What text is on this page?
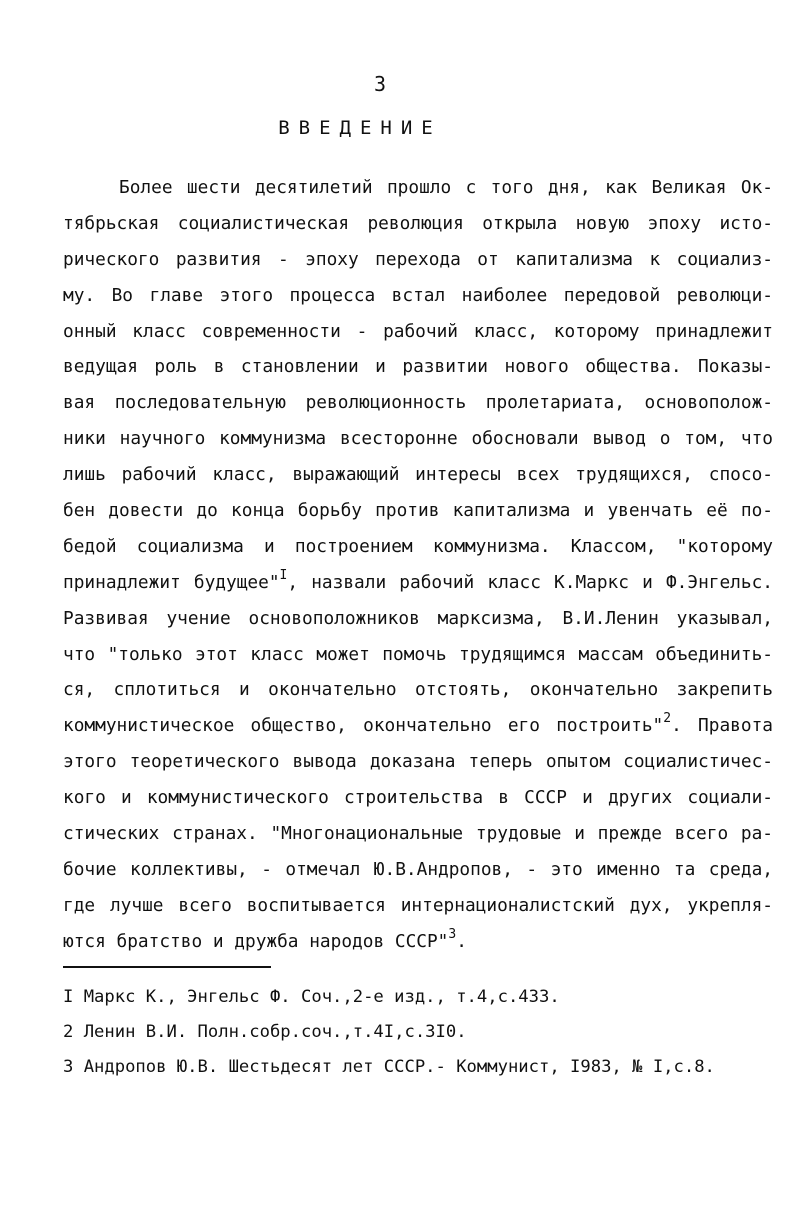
3
ВВЕДЕНИЕ
Более шести десятилетий прошло с того дня, как Великая Ок-
тябрьская социалистическая революция открыла новую эпоху исто-
рического развития - эпоху перехода от капитализма к социализ-
му. Во главе этого процесса встал наиболее передовой революци-
онный класс современности - рабочий класс, которому принадлежит
ведущая роль в становлении и развитии нового общества. Показы-
вая последовательную революционность пролетариата, основополож-
ники научного коммунизма всесторонне обосновали вывод о том, что
лишь рабочий класс, выражающий интересы всех трудящихся, спосо-
бен довести до конца борьбу против капитализма и увенчать её по-
бедой социализма и построением коммунизма. Классом, "которому
принадлежит будущее"$^I$, назвали рабочий класс К.Маркс и Ф.Энгельс.
Развивая учение основоположников марксизма, В.И.Ленин указывал,
что "только этот класс может помочь трудящимся массам объединить-
ся, сплотиться и окончательно отстоять, окончательно закрепить
коммунистическое общество, окончательно его построить"$^2$. Правота
этого теоретического вывода доказана теперь опытом социалистичес-
кого и коммунистического строительства в СССР и других социали-
стических странах. "Многонациональные трудовые и прежде всего ра-
бочие коллективы, - отмечал Ю.В.Андропов, - это именно та среда,
где лучше всего воспитывается интернационалистский дух, укрепля-
ются братство и дружба народов СССР"$^3$.
I Маркс К., Энгельс Ф. Соч.,2-е изд., т.4,с.433.
2 Ленин В.И. Полн.собр.соч.,т.4I,с.3I0.
3 Андропов Ю.В. Шестьдесят лет СССР.- Коммунист, I983, № I,с.8.
